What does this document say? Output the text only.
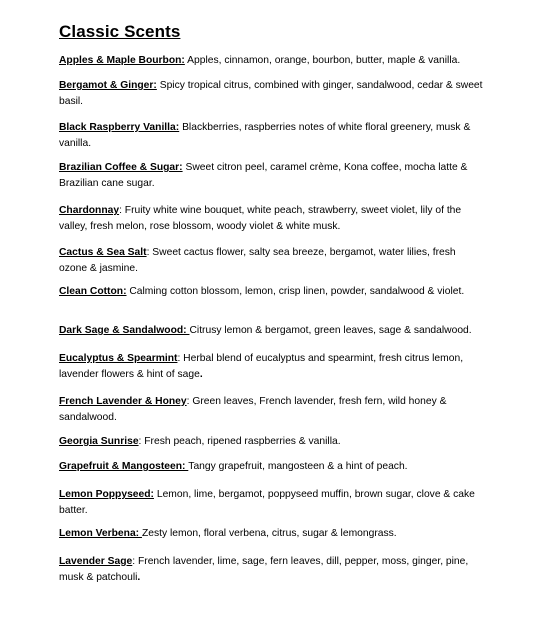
Classic Scents
Apples & Maple Bourbon: Apples, cinnamon, orange, bourbon, butter, maple & vanilla.
Bergamot & Ginger: Spicy tropical citrus, combined with ginger, sandalwood, cedar & sweet basil.
Black Raspberry Vanilla: Blackberries, raspberries notes of white floral greenery, musk & vanilla.
Brazilian Coffee & Sugar: Sweet citron peel, caramel crème, Kona coffee, mocha latte & Brazilian cane sugar.
Chardonnay: Fruity white wine bouquet, white peach, strawberry, sweet violet, lily of the valley, fresh melon, rose blossom, woody violet & white musk.
Cactus & Sea Salt: Sweet cactus flower, salty sea breeze, bergamot, water lilies, fresh ozone & jasmine.
Clean Cotton: Calming cotton blossom, lemon, crisp linen, powder, sandalwood & violet.
Dark Sage & Sandalwood: Citrusy lemon & bergamot, green leaves, sage & sandalwood.
Eucalyptus & Spearmint: Herbal blend of eucalyptus and spearmint, fresh citrus lemon, lavender flowers & hint of sage.
French Lavender & Honey: Green leaves, French lavender, fresh fern, wild honey & sandalwood.
Georgia Sunrise: Fresh peach, ripened raspberries & vanilla.
Grapefruit & Mangosteen: Tangy grapefruit, mangosteen & a hint of peach.
Lemon Poppyseed: Lemon, lime, bergamot, poppyseed muffin, brown sugar, clove & cake batter.
Lemon Verbena: Zesty lemon, floral verbena, citrus, sugar & lemongrass.
Lavender Sage: French lavender, lime, sage, fern leaves, dill, pepper, moss, ginger, pine, musk & patchouli.
